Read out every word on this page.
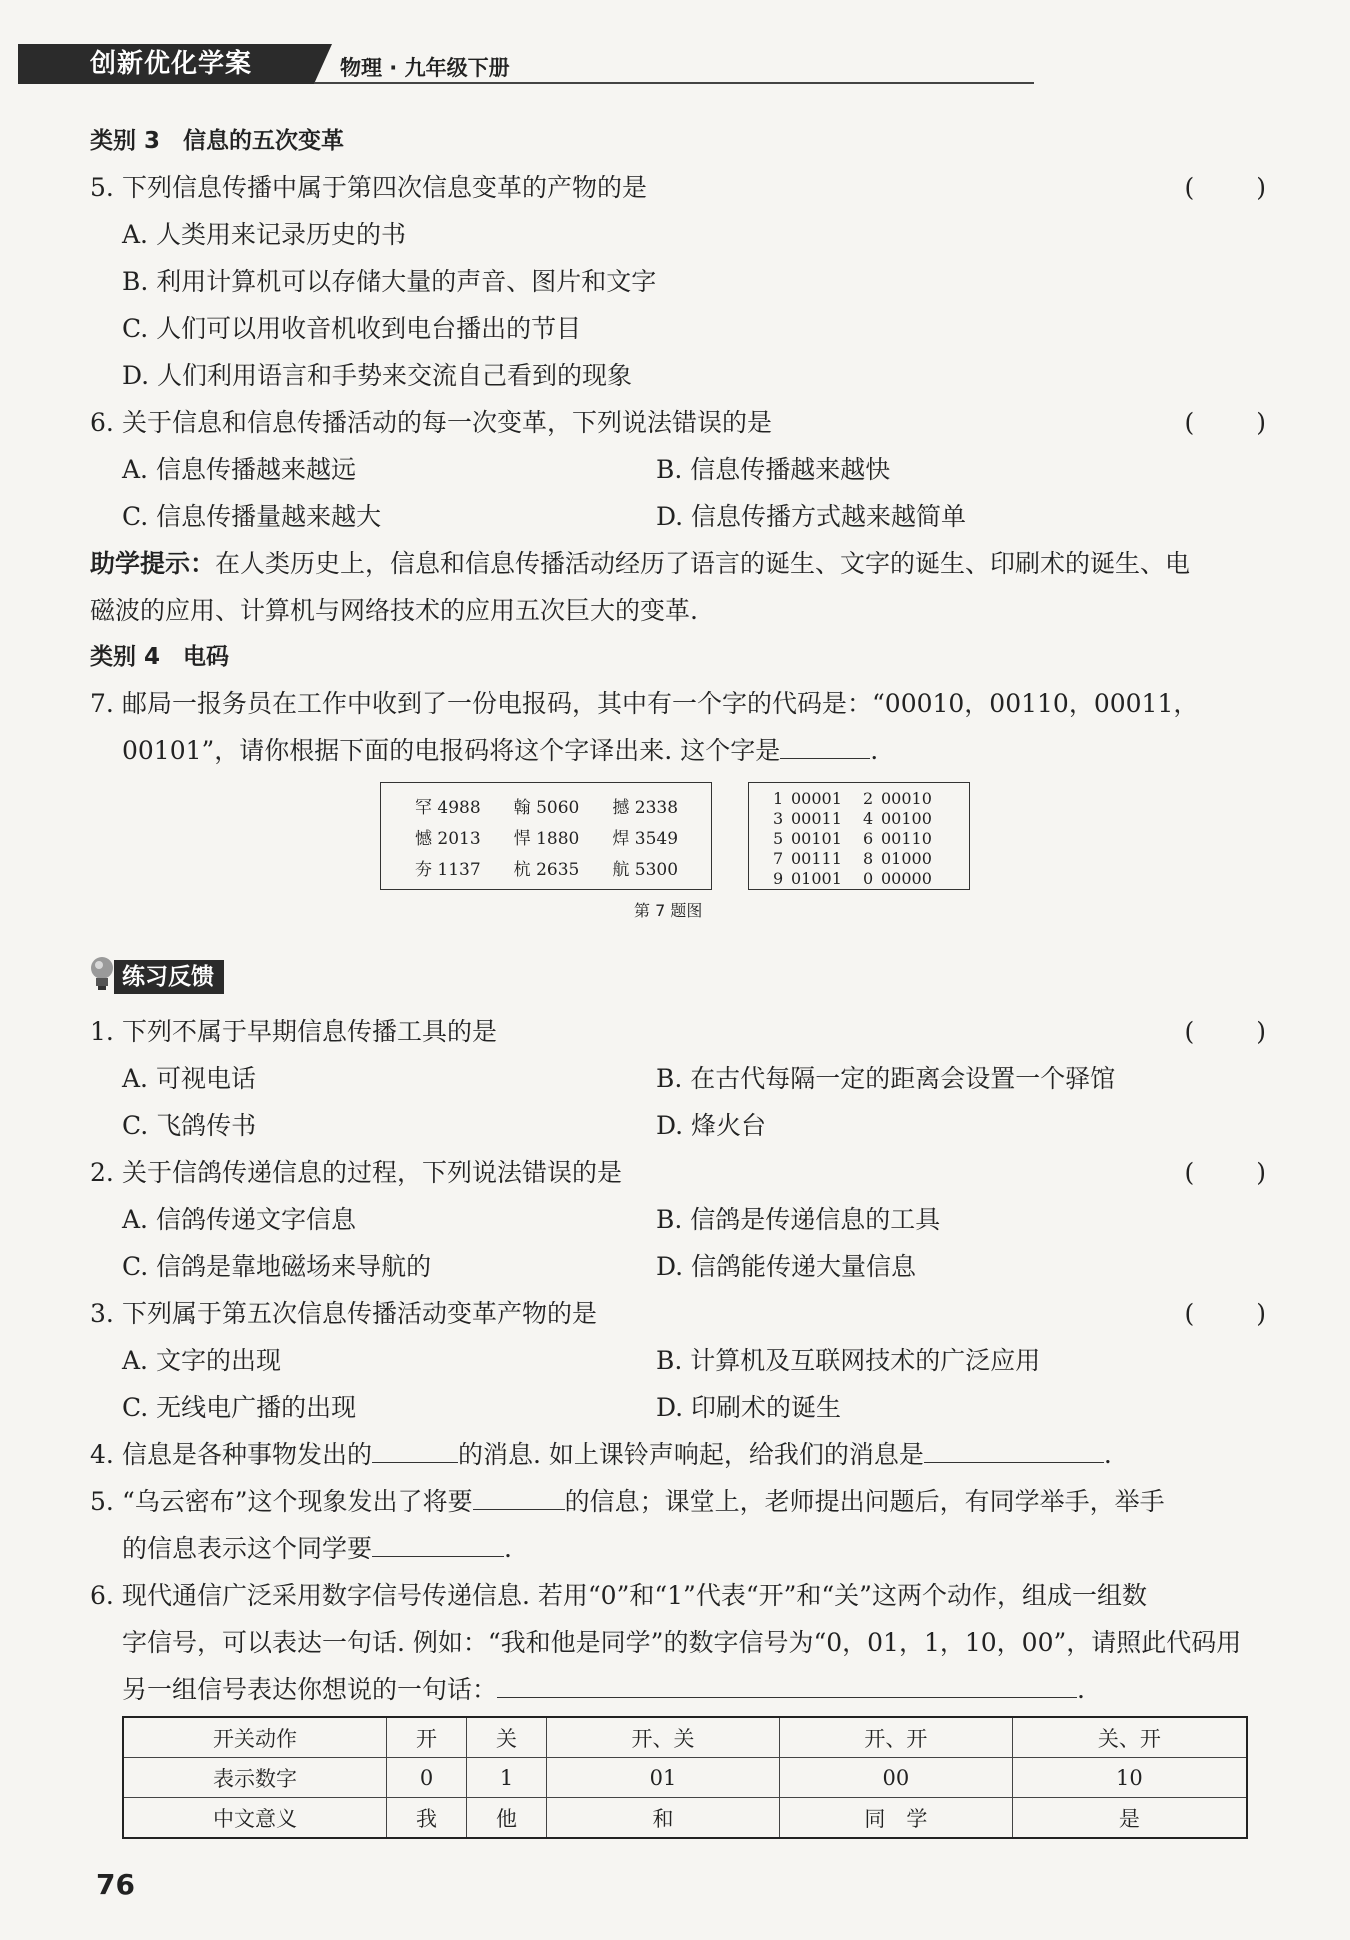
创新优化学案	物理 · 九年级下册
类别 3　信息的五次变革
5. 下列信息传播中属于第四次信息变革的产物的是	(　　)
A. 人类用来记录历史的书
B. 利用计算机可以存储大量的声音、图片和文字
C. 人们可以用收音机收到电台播出的节目
D. 人们利用语言和手势来交流自己看到的现象
6. 关于信息和信息传播活动的每一次变革，下列说法错误的是	(　　)
A. 信息传播越来越远	B. 信息传播越来越快
C. 信息传播量越来越大	D. 信息传播方式越来越简单
助学提示：在人类历史上，信息和信息传播活动经历了语言的诞生、文字的诞生、印刷术的诞生、电
磁波的应用、计算机与网络技术的应用五次巨大的变革.
类别 4　电码
7. 邮局一报务员在工作中收到了一份电报码，其中有一个字的代码是：“00010，00110，00011，
00101”，请你根据下面的电报码将这个字译出来. 这个字是	.
罕 4988	翰 5060	撼 2338
憾 2013	悍 1880	焊 3549
夯 1137	杭 2635	航 5300
1 00001 2 00010
3 00011 4 00100
5 00101 6 00110
7 00111 8 01000
9 01001 0 00000
第 7 题图
练习反馈
1. 下列不属于早期信息传播工具的是	(　　)
A. 可视电话	B. 在古代每隔一定的距离会设置一个驿馆
C. 飞鸽传书	D. 烽火台
2. 关于信鸽传递信息的过程，下列说法错误的是	(　　)
A. 信鸽传递文字信息	B. 信鸽是传递信息的工具
C. 信鸽是靠地磁场来导航的	D. 信鸽能传递大量信息
3. 下列属于第五次信息传播活动变革产物的是	(　　)
A. 文字的出现	B. 计算机及互联网技术的广泛应用
C. 无线电广播的出现	D. 印刷术的诞生
4. 信息是各种事物发出的	的消息. 如上课铃声响起，给我们的消息是	.
5. “乌云密布”这个现象发出了将要	的信息；课堂上，老师提出问题后，有同学举手，举手
的信息表示这个同学要	.
6. 现代通信广泛采用数字信号传递信息. 若用“0”和“1”代表“开”和“关”这两个动作，组成一组数
字信号，可以表达一句话. 例如：“我和他是同学”的数字信号为“0，01，1，10，00”，请照此代码用
另一组信号表达你想说的一句话：	.
开关动作	开	关	开、关	开、开	关、开
表示数字	0	1	01	00	10
中文意义	我	他	和	同　学	是
76
